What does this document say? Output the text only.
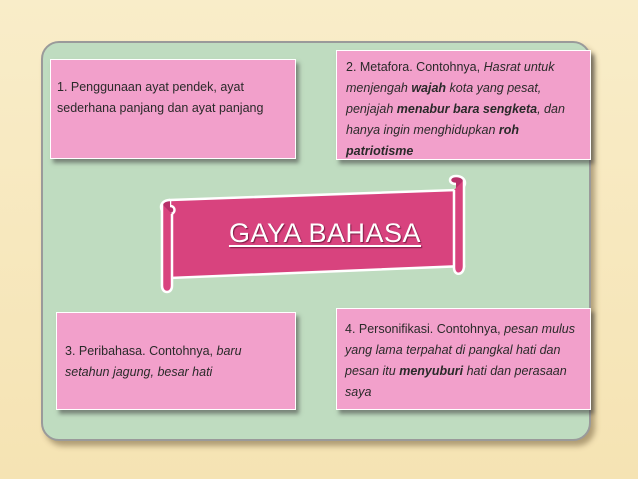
1. Penggunaan ayat pendek, ayat sederhana panjang dan ayat panjang
2. Metafora. Contohnya, Hasrat untuk menjengah wajah kota yang pesat, penjajah menabur bara sengketa, dan hanya ingin menghidupkan roh patriotisme
3. Peribahasa. Contohnya, baru setahun jagung, besar hati
4. Personifikasi. Contohnya, pesan mulus yang lama terpahat di pangkal hati dan pesan itu menyuburi hati dan perasaan saya
GAYA BAHASA
